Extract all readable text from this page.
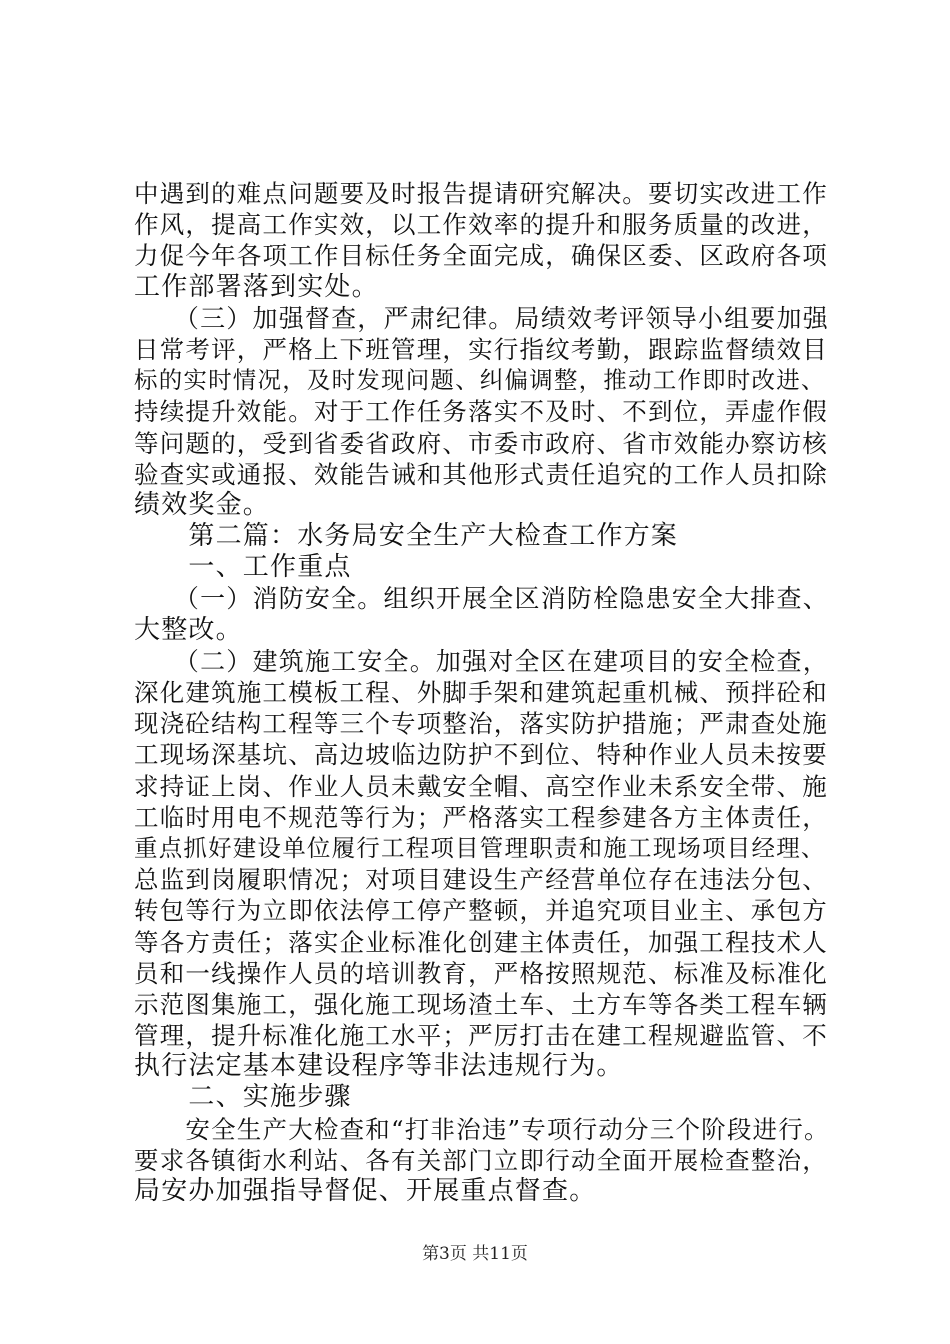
中遇到的难点问题要及时报告提请研究解决。要切实改进工作
作风，提高工作实效，以工作效率的提升和服务质量的改进，
力促今年各项工作目标任务全面完成，确保区委、区政府各项
工作部署落到实处。
　　（三）加强督查，严肃纪律。局绩效考评领导小组要加强
日常考评，严格上下班管理，实行指纹考勤，跟踪监督绩效目
标的实时情况，及时发现问题、纠偏调整，推动工作即时改进、
持续提升效能。对于工作任务落实不及时、不到位，弄虚作假
等问题的，受到省委省政府、市委市政府、省市效能办察访核
验查实或通报、效能告诫和其他形式责任追究的工作人员扣除
绩效奖金。
　　第二篇：水务局安全生产大检查工作方案
　　一、工作重点
　　（一）消防安全。组织开展全区消防栓隐患安全大排查、
大整改。
　　（二）建筑施工安全。加强对全区在建项目的安全检查，
深化建筑施工模板工程、外脚手架和建筑起重机械、预拌砼和
现浇砼结构工程等三个专项整治，落实防护措施；严肃查处施
工现场深基坑、高边坡临边防护不到位、特种作业人员未按要
求持证上岗、作业人员未戴安全帽、高空作业未系安全带、施
工临时用电不规范等行为；严格落实工程参建各方主体责任，
重点抓好建设单位履行工程项目管理职责和施工现场项目经理、
总监到岗履职情况；对项目建设生产经营单位存在违法分包、
转包等行为立即依法停工停产整顿，并追究项目业主、承包方
等各方责任；落实企业标准化创建主体责任，加强工程技术人
员和一线操作人员的培训教育，严格按照规范、标准及标准化
示范图集施工，强化施工现场渣土车、土方车等各类工程车辆
管理，提升标准化施工水平；严厉打击在建工程规避监管、不
执行法定基本建设程序等非法违规行为。
　　二、实施步骤
　　安全生产大检查和“打非治违”专项行动分三个阶段进行。
要求各镇街水利站、各有关部门立即行动全面开展检查整治，
局安办加强指导督促、开展重点督查。
第3页 共11页
